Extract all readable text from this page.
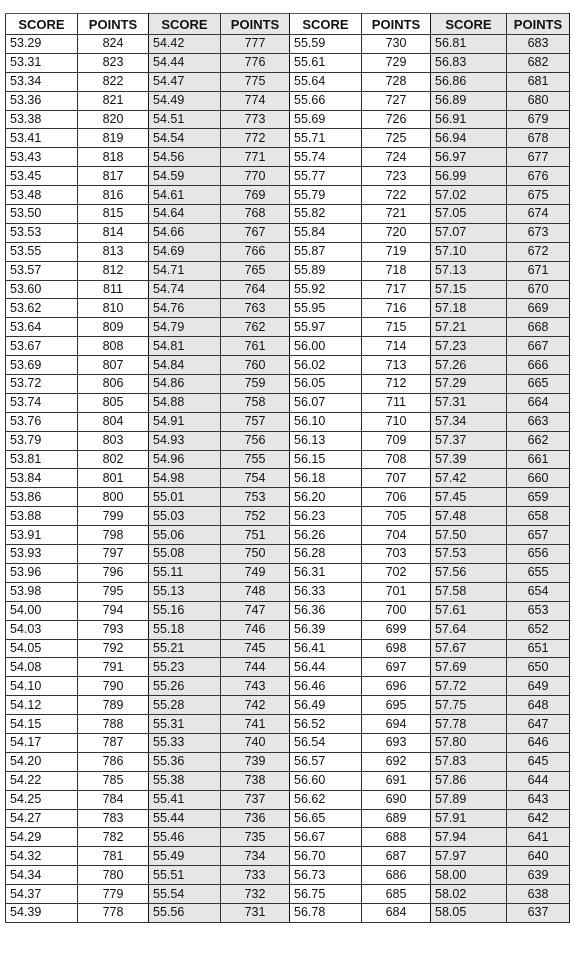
SCORE	POINTS	SCORE	POINTS	SCORE	POINTS	SCORE	POINTS
53.29	824	54.42	777	55.59	730	56.81	683
53.31	823	54.44	776	55.61	729	56.83	682
53.34	822	54.47	775	55.64	728	56.86	681
53.36	821	54.49	774	55.66	727	56.89	680
53.38	820	54.51	773	55.69	726	56.91	679
53.41	819	54.54	772	55.71	725	56.94	678
53.43	818	54.56	771	55.74	724	56.97	677
53.45	817	54.59	770	55.77	723	56.99	676
53.48	816	54.61	769	55.79	722	57.02	675
53.50	815	54.64	768	55.82	721	57.05	674
53.53	814	54.66	767	55.84	720	57.07	673
53.55	813	54.69	766	55.87	719	57.10	672
53.57	812	54.71	765	55.89	718	57.13	671
53.60	811	54.74	764	55.92	717	57.15	670
53.62	810	54.76	763	55.95	716	57.18	669
53.64	809	54.79	762	55.97	715	57.21	668
53.67	808	54.81	761	56.00	714	57.23	667
53.69	807	54.84	760	56.02	713	57.26	666
53.72	806	54.86	759	56.05	712	57.29	665
53.74	805	54.88	758	56.07	711	57.31	664
53.76	804	54.91	757	56.10	710	57.34	663
53.79	803	54.93	756	56.13	709	57.37	662
53.81	802	54.96	755	56.15	708	57.39	661
53.84	801	54.98	754	56.18	707	57.42	660
53.86	800	55.01	753	56.20	706	57.45	659
53.88	799	55.03	752	56.23	705	57.48	658
53.91	798	55.06	751	56.26	704	57.50	657
53.93	797	55.08	750	56.28	703	57.53	656
53.96	796	55.11	749	56.31	702	57.56	655
53.98	795	55.13	748	56.33	701	57.58	654
54.00	794	55.16	747	56.36	700	57.61	653
54.03	793	55.18	746	56.39	699	57.64	652
54.05	792	55.21	745	56.41	698	57.67	651
54.08	791	55.23	744	56.44	697	57.69	650
54.10	790	55.26	743	56.46	696	57.72	649
54.12	789	55.28	742	56.49	695	57.75	648
54.15	788	55.31	741	56.52	694	57.78	647
54.17	787	55.33	740	56.54	693	57.80	646
54.20	786	55.36	739	56.57	692	57.83	645
54.22	785	55.38	738	56.60	691	57.86	644
54.25	784	55.41	737	56.62	690	57.89	643
54.27	783	55.44	736	56.65	689	57.91	642
54.29	782	55.46	735	56.67	688	57.94	641
54.32	781	55.49	734	56.70	687	57.97	640
54.34	780	55.51	733	56.73	686	58.00	639
54.37	779	55.54	732	56.75	685	58.02	638
54.39	778	55.56	731	56.78	684	58.05	637
